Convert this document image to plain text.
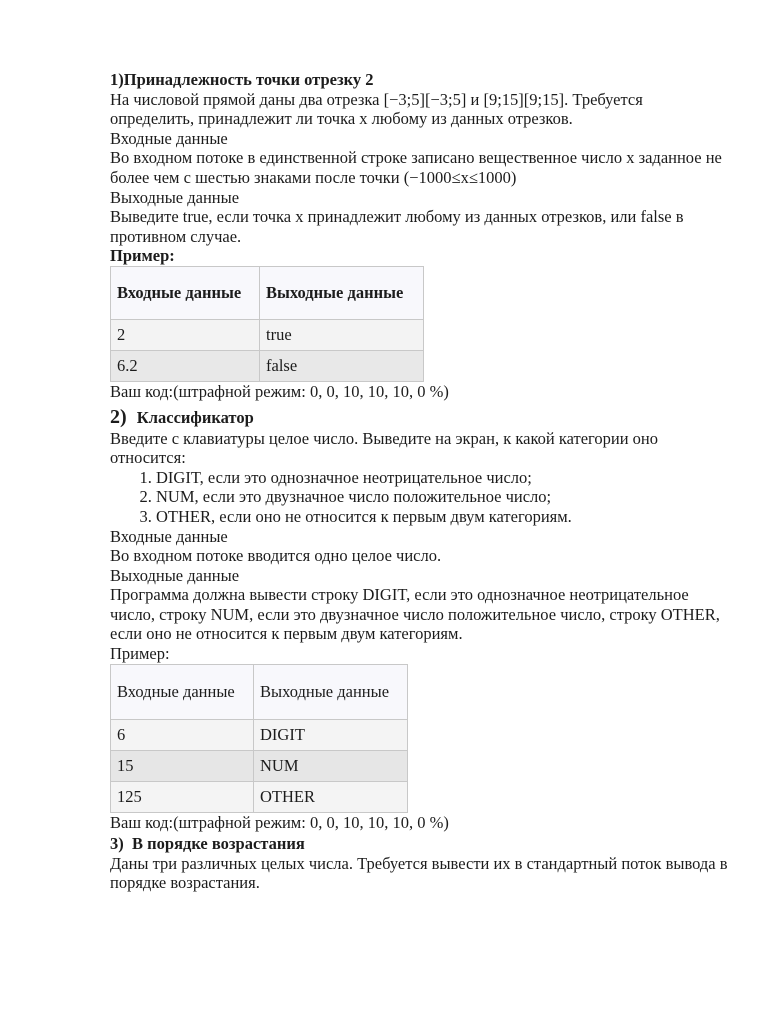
1)Принадлежность точки отрезку 2

На числовой прямой даны два отрезка [−3;5][−3;5] и [9;15][9;15]. Требуется определить, принадлежит ли точка x любому из данных отрезков.

Входные данные

Во входном потоке в единственной строке записано вещественное число x заданное не более чем с шестью знаками после точки (−1000≤x≤1000)

Выходные данные

Выведите true, если точка x принадлежит любому из данных отрезков, или false в противном случае.

Пример:

Входные данные	Выходные данные
2	true
6.2	false

Ваш код:(штрафной режим: 0, 0, 10, 10, 10, 0 %)

2) Классификатор

Введите с клавиатуры целое число. Выведите на экран, к какой категории оно относится:

1. DIGIT, если это однозначное неотрицательное число;
2. NUM, если это двузначное число положительное число;
3. OTHER, если оно не относится к первым двум категориям.

Входные данные

Во входном потоке вводится одно целое число.

Выходные данные

Программа должна вывести строку DIGIT, если это однозначное неотрицательное число, строку NUM, если это двузначное число положительное число, строку OTHER, если оно не относится к первым двум категориям.

Пример:

Входные данные	Выходные данные
6	DIGIT
15	NUM
125	OTHER

Ваш код:(штрафной режим: 0, 0, 10, 10, 10, 0 %)

3) В порядке возрастания

Даны три различных целых числа. Требуется вывести их в стандартный поток вывода в порядке возрастания.
